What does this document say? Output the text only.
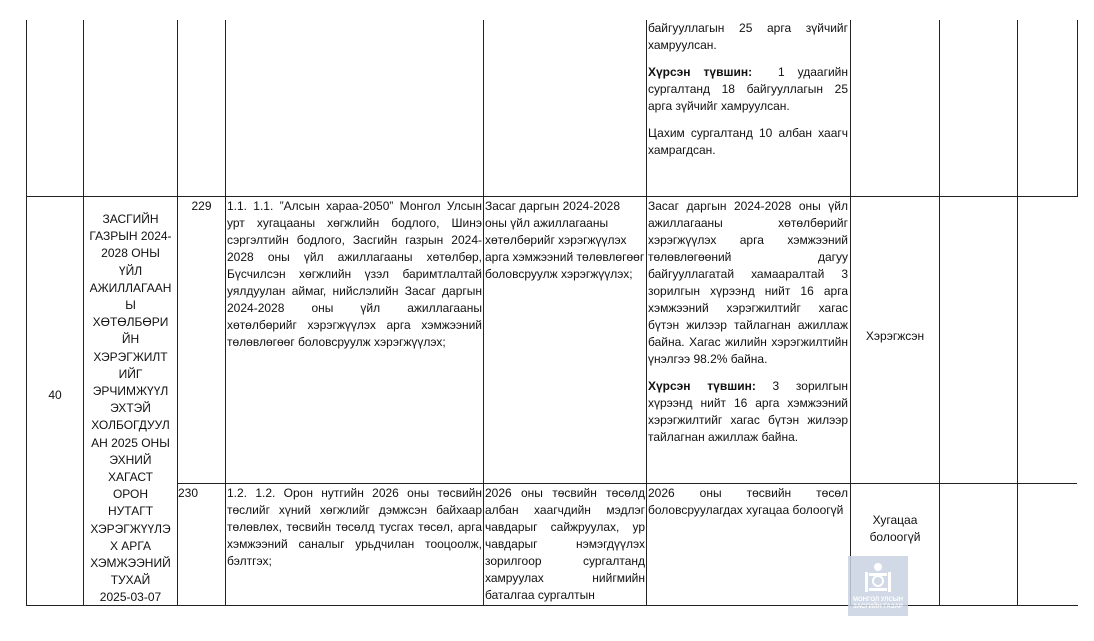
байгууллагын 25 арга зүйчийг
хамруулсан.

Хүрсэн түвшин: 1 удаагийн сургалтанд 18 байгууллагын 25 арга зүйчийг хамруулсан.

Цахим сургалтанд 10 албан хаагч хамрагдсан.

40
ЗАСГИЙН
ГАЗРЫН 2024-
2028 ОНЫ
ҮЙЛ
АЖИЛЛАГААН
Ы
ХӨТӨЛБӨРИ
ЙН
ХЭРЭГЖИЛТ
ИЙГ
ЭРЧИМЖҮҮЛ
ЭХТЭЙ
ХОЛБОГДУУЛ
АН 2025 ОНЫ
ЭХНИЙ
ХАГАСТ
ОРОН
НУТАГТ
ХЭРЭГЖҮҮЛЭ
Х АРГА
ХЭМЖЭЭНИЙ
ТУХАЙ
2025-03-07
229	1.1. 1.1. ”Алсын хараа-2050” Монгол Улсын урт хугацааны хөгжлийн бодлого, Шинэ сэргэлтийн бодлого, Засгийн газрын 2024-2028 оны үйл ажиллагааны хөтөлбөр, Бүсчилсэн хөгжлийн үзэл баримтлалтай уялдуулан аймаг, нийслэлийн Засаг даргын 2024-2028 оны үйл ажиллагааны хөтөлбөрийг хэрэгжүүлэх арга хэмжээний төлөвлөгөөг боловсруулж хэрэгжүүлэх;
Засаг даргын 2024-2028 оны үйл ажиллагааны хөтөлбөрийг хэрэгжүүлэх арга хэмжээний төлөвлөгөөг боловсруулж хэрэгжүүлэх;

Засаг даргын 2024-2028 оны үйл ажиллагааны хөтөлбөрийг хэрэгжүүлэх арга хэмжээний төлөвлөгөөний дагуу байгууллагатай хамааралтай 3 зорилгын хүрээнд нийт 16 арга хэмжээний хэрэгжилтийг хагас бүтэн жилээр тайлагнан ажиллаж байна. Хагас жилийн хэрэгжилтийн үнэлгээ 98.2% байна.

Хүрсэн түвшин: 3 зорилгын хүрээнд нийт 16 арга хэмжээний хэрэгжилтийг хагас бүтэн жилээр тайлагнан ажиллаж байна.

Хэрэгжсэн
230	1.2. 1.2. Орон нутгийн 2026 оны төсвийн төслийг хүний хөгжлийг дэмжсэн байхаар төлөвлөх, төсвийн төсөлд тусгах төсөл, арга хэмжээний саналыг урьдчилан тооцоолж, бэлтгэх;
2026 оны төсвийн төсөлд албан хаагчдийн мэдлэг чавдарыг сайжруулах, ур чавдарыг нэмэгдүүлэх зорилгоор сургалтанд хамруулах нийгмийн баталгаа сургалтын
2026 оны төсвийн төсөл боловсруулагдах хугацаа болоогүй
Хугацаа
болоогүй
МОНГОЛ УЛСЫН
ЗАСГИЙН ГАЗАР
